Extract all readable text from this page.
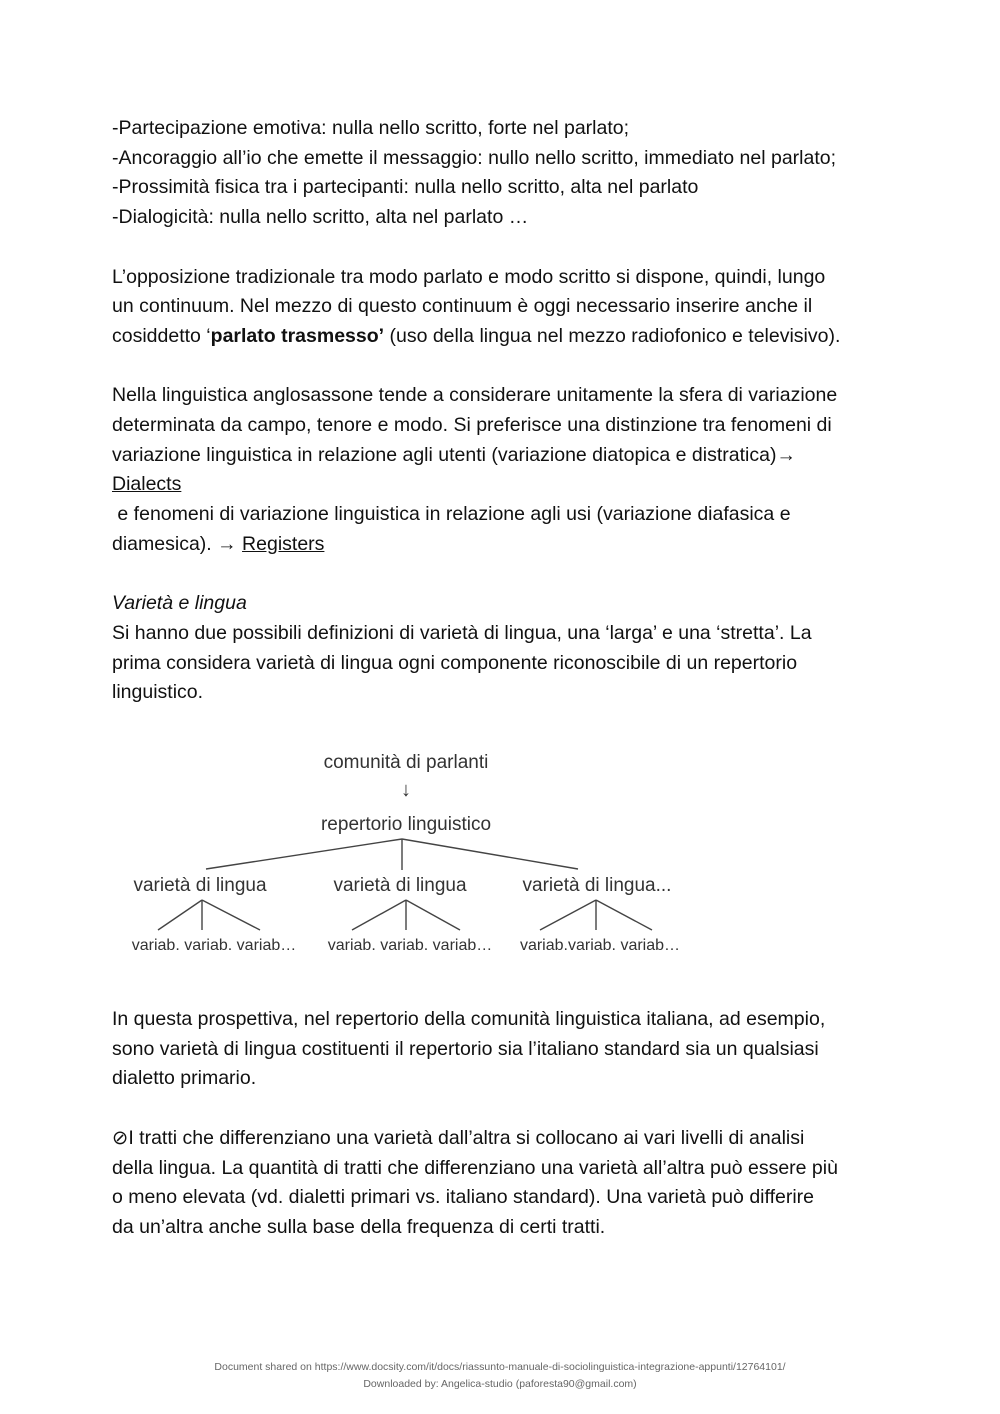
-Partecipazione emotiva: nulla nello scritto, forte nel parlato;

-Ancoraggio all’io che emette il messaggio: nullo nello scritto, immediato nel parlato;

-Prossimità fisica tra i partecipanti: nulla nello scritto, alta nel parlato

-Dialogicità: nulla nello scritto, alta nel parlato …

L’opposizione tradizionale tra modo parlato e modo scritto si dispone, quindi, lungo

un continuum. Nel mezzo di questo continuum è oggi necessario inserire anche il

cosiddetto ‘parlato trasmesso’ (uso della lingua nel mezzo radiofonico e televisivo).

Nella linguistica anglosassone tende a considerare unitamente la sfera di variazione

determinata da campo, tenore e modo. Si preferisce una distinzione tra fenomeni di

variazione linguistica in relazione agli utenti (variazione diatopica e distratica)→

Dialects

e fenomeni di variazione linguistica in relazione agli usi (variazione diafasica e

diamesica). → Registers

Varietà e lingua

Si hanno due possibili definizioni di varietà di lingua, una ‘larga’ e una ‘stretta’. La

prima considera varietà di lingua ogni componente riconoscibile di un repertorio

linguistico.

In questa prospettiva, nel repertorio della comunità linguistica italiana, ad esempio,

sono varietà di lingua costituenti il repertorio sia l’italiano standard sia un qualsiasi

dialetto primario.

⊘I tratti che differenziano una varietà dall’altra si collocano ai vari livelli di analisi

della lingua. La quantità di tratti che differenziano una varietà all’altra può essere più

o meno elevata (vd. dialetti primari vs. italiano standard). Una varietà può differire

da un’altra anche sulla base della frequenza di certi tratti.

comunità di parlanti
↓
repertorio linguistico
varietà di lingua	varietà di lingua	varietà di lingua...
variab. variab. variab… variab. variab. variab… variab.variab. variab…
Document shared on https://www.docsity.com/it/docs/riassunto-manuale-di-sociolinguistica-integrazione-appunti/12764101/
Downloaded by: Angelica-studio (paforesta90@gmail.com)
